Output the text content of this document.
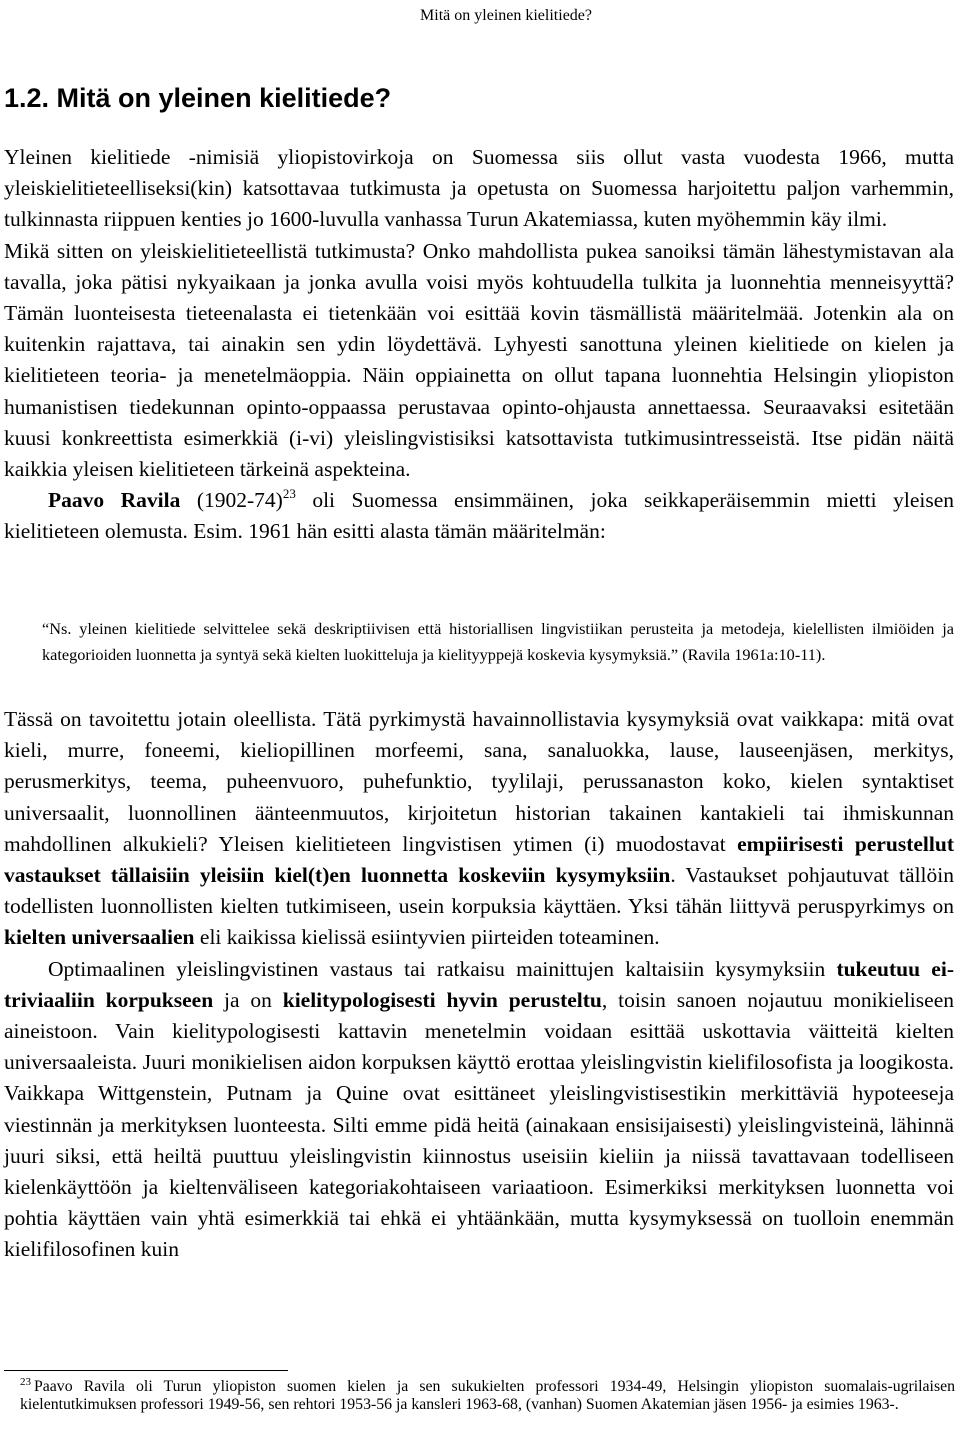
Mitä on yleinen kielitiede?
1.2. Mitä on yleinen kielitiede?

Yleinen kielitiede -nimisiä yliopistovirkoja on Suomessa siis ollut vasta vuodesta 1966, mutta yleiskielitieteelliseksi(kin) katsottavaa tutkimusta ja opetusta on Suomessa harjoitettu paljon varhemmin, tulkinnasta riippuen kenties jo 1600-luvulla vanhassa Turun Akatemiassa, kuten myöhemmin käy ilmi.

Mikä sitten on yleiskielitieteellistä tutkimusta? Onko mahdollista pukea sanoiksi tämän lähestymistavan ala tavalla, joka pätisi nykyaikaan ja jonka avulla voisi myös kohtuudella tulkita ja luonnehtia menneisyyttä? Tämän luonteisesta tieteenalasta ei tietenkään voi esittää kovin täsmällistä määritelmää. Jotenkin ala on kuitenkin rajattava, tai ainakin sen ydin löydettävä. Lyhyesti sanottuna yleinen kielitiede on kielen ja kielitieteen teoria- ja menetelmäoppia. Näin oppiainetta on ollut tapana luonnehtia Helsingin yliopiston humanistisen tiedekunnan opinto-oppaassa perustavaa opinto-ohjausta annettaessa. Seuraavaksi esitetään kuusi konkreettista esimerkkiä (i-vi) yleislingvistisiksi katsottavista tutkimusintresseistä. Itse pidän näitä kaikkia yleisen kielitieteen tärkeinä aspekteina.

Paavo Ravila (1902-74)$^{23}$ oli Suomessa ensimmäinen, joka seikkaperäisemmin mietti yleisen kielitieteen olemusta. Esim. 1961 hän esitti alasta tämän määritelmän:

“Ns. yleinen kielitiede selvittelee sekä deskriptiivisen että historiallisen lingvistiikan perusteita ja metodeja, kielellisten ilmiöiden ja kategorioiden luonnetta ja syntyä sekä kielten luokitteluja ja kielityyppejä koskevia kysymyksiä.” (Ravila 1961a:10-11).

Tässä on tavoitettu jotain oleellista. Tätä pyrkimystä havainnollistavia kysymyksiä ovat vaikkapa: mitä ovat kieli, murre, foneemi, kieliopillinen morfeemi, sana, sanaluokka, lause, lauseenjäsen, merkitys, perusmerkitys, teema, puheenvuoro, puhefunktio, tyylilaji, perussanaston koko, kielen syntaktiset universaalit, luonnollinen äänteenmuutos, kirjoitetun historian takainen kantakieli tai ihmiskunnan mahdollinen alkukieli? Yleisen kielitieteen lingvistisen ytimen (i) muodostavat empiirisesti perustellut vastaukset tällaisiin yleisiin kiel(t)en luonnetta koskeviin kysymyksiin. Vastaukset pohjautuvat tällöin todellisten luonnollisten kielten tutkimiseen, usein korpuksia käyttäen. Yksi tähän liittyvä peruspyrkimys on kielten universaalien eli kaikissa kielissä esiintyvien piirteiden toteaminen.

Optimaalinen yleislingvistinen vastaus tai ratkaisu mainittujen kaltaisiin kysymyksiin tukeutuu ei-triviaaliin korpukseen ja on kielitypologisesti hyvin perusteltu, toisin sanoen nojautuu monikieliseen aineistoon. Vain kielitypologisesti kattavin menetelmin voidaan esittää uskottavia väitteitä kielten universaaleista. Juuri monikielisen aidon korpuksen käyttö erottaa yleislingvistin kielifilosofista ja loogikosta. Vaikkapa Wittgenstein, Putnam ja Quine ovat esittäneet yleislingvistisestikin merkittäviä hypoteeseja viestinnän ja merkityksen luonteesta. Silti emme pidä heitä (ainakaan ensisijaisesti) yleislingvisteinä, lähinnä juuri siksi, että heiltä puuttuu yleislingvistin kiinnostus useisiin kieliin ja niissä tavattavaan todelliseen kielenkäyttöön ja kieltenväliseen kategoriakohtaiseen variaatioon. Esimerkiksi merkityksen luonnetta voi pohtia käyttäen vain yhtä esimerkkiä tai ehkä ei yhtäänkään, mutta kysymyksessä on tuolloin enemmän kielifilosofinen kuin

$^{23}$ Paavo Ravila oli Turun yliopiston suomen kielen ja sen sukukielten professori 1934-49, Helsingin yliopiston suomalais-ugrilaisen kielentutkimuksen professori 1949-56, sen rehtori 1953-56 ja kansleri 1963-68, (vanhan) Suomen Akatemian jäsen 1956- ja esimies 1963-.
